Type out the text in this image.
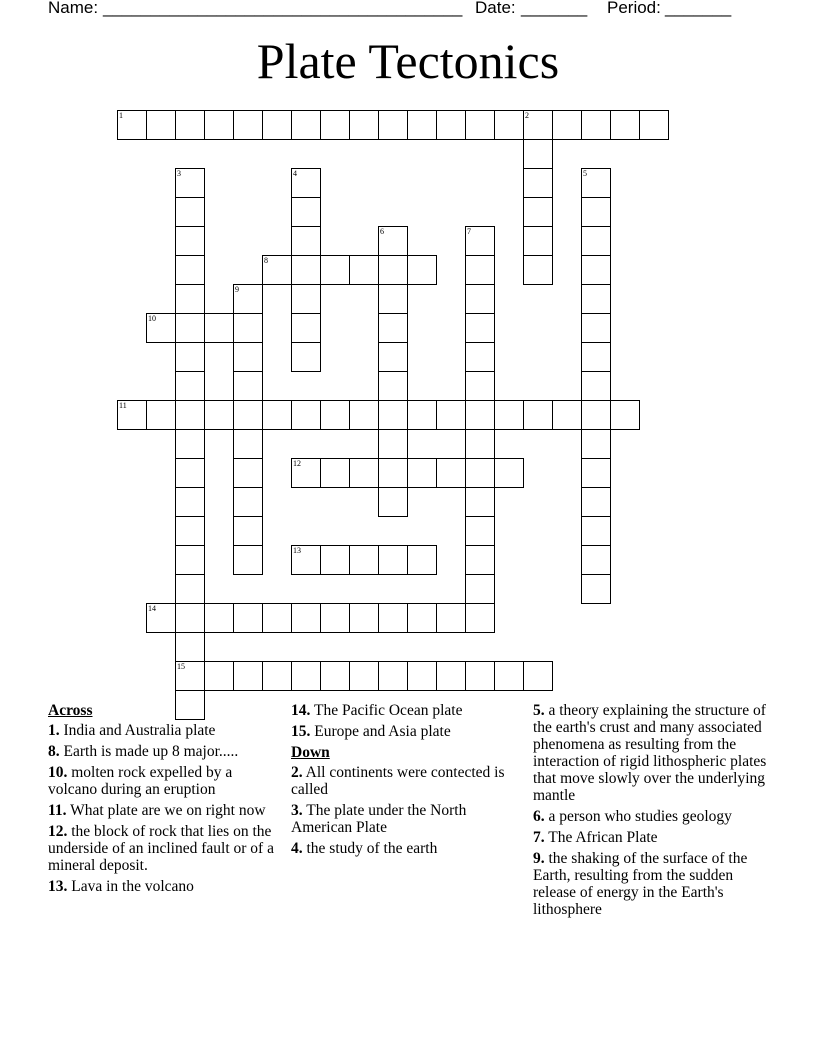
Name: ______________________________________ Date: _______ Period: _______
Plate Tectonics
1	2
3
15
4	5
6	7
8
9
10
11
12
13
14
Across
1. India and Australia plate
8. Earth is made up 8 major.....
10. molten rock expelled by a volcano during an eruption
11. What plate are we on right now
12. the block of rock that lies on the underside of an inclined fault or of a mineral deposit.
13. Lava in the volcano
14. The Pacific Ocean plate
15. Europe and Asia plate
Down
2. All continents were contected is called
3. The plate under the North American Plate
4. the study of the earth
5. a theory explaining the structure of the earth's crust and many associated phenomena as resulting from the interaction of rigid lithospheric plates that move slowly over the underlying mantle
6. a person who studies geology
7. The African Plate
9. the shaking of the surface of the Earth, resulting from the sudden release of energy in the Earth's lithosphere
